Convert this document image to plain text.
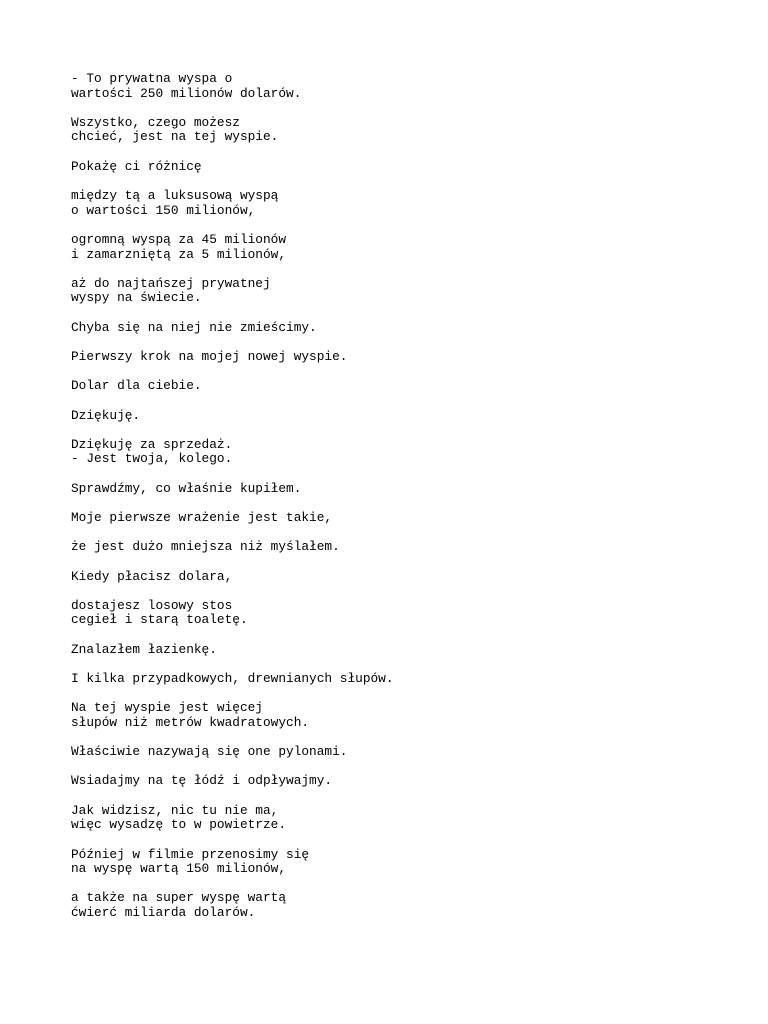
- To prywatna wyspa o
wartości 250 milionów dolarów.
Wszystko, czego możesz
chcieć, jest na tej wyspie.
Pokażę ci różnicę
między tą a luksusową wyspą
o wartości 150 milionów,
ogromną wyspą za 45 milionów
i zamarzniętą za 5 milionów,
aż do najtańszej prywatnej
wyspy na świecie.
Chyba się na niej nie zmieścimy.
Pierwszy krok na mojej nowej wyspie.
Dolar dla ciebie.
Dziękuję.
Dziękuję za sprzedaż.
- Jest twoja, kolego.
Sprawdźmy, co właśnie kupiłem.
Moje pierwsze wrażenie jest takie,
że jest dużo mniejsza niż myślałem.
Kiedy płacisz dolara,
dostajesz losowy stos
cegieł i starą toaletę.
Znalazłem łazienkę.
I kilka przypadkowych, drewnianych słupów.
Na tej wyspie jest więcej
słupów niż metrów kwadratowych.
Właściwie nazywają się one pylonami.
Wsiadajmy na tę łódź i odpływajmy.
Jak widzisz, nic tu nie ma,
więc wysadzę to w powietrze.
Później w filmie przenosimy się
na wyspę wartą 150 milionów,
a także na super wyspę wartą
ćwierć miliarda dolarów.
